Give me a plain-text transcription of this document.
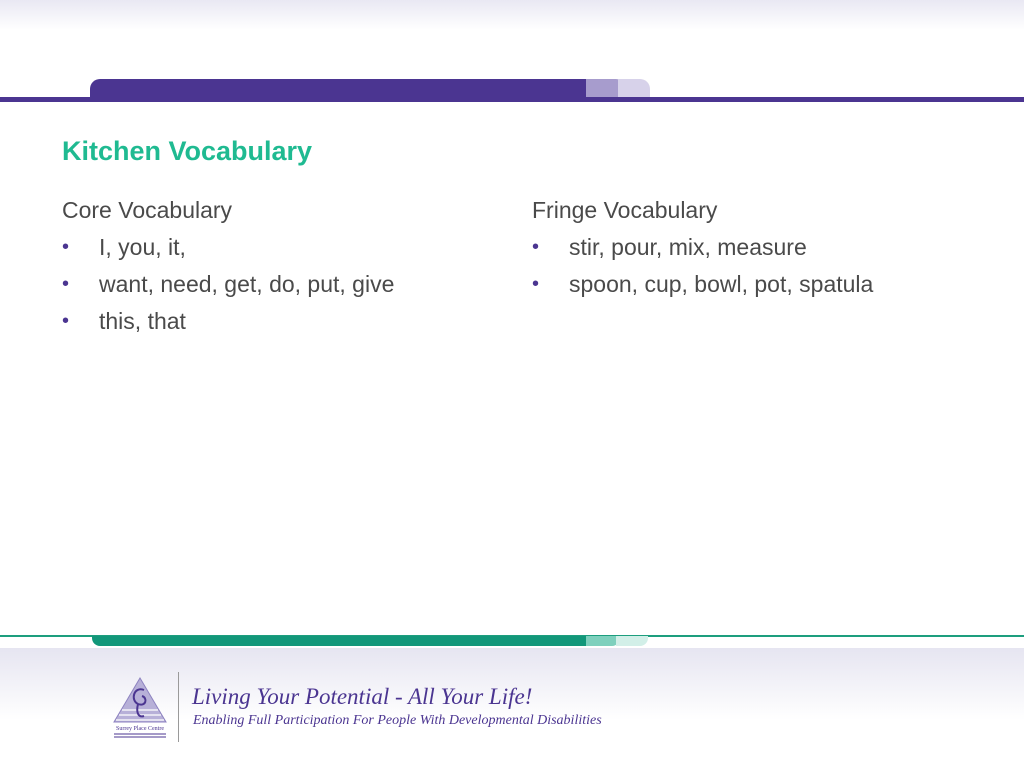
Kitchen Vocabulary
Core Vocabulary
• I, you, it,
• want, need, get, do, put, give
• this, that
Fringe Vocabulary
• stir, pour, mix, measure
• spoon, cup, bowl, pot, spatula
Surrey Place Centre
Living Your Potential - All Your Life!
Enabling Full Participation For People With Developmental Disabilities
